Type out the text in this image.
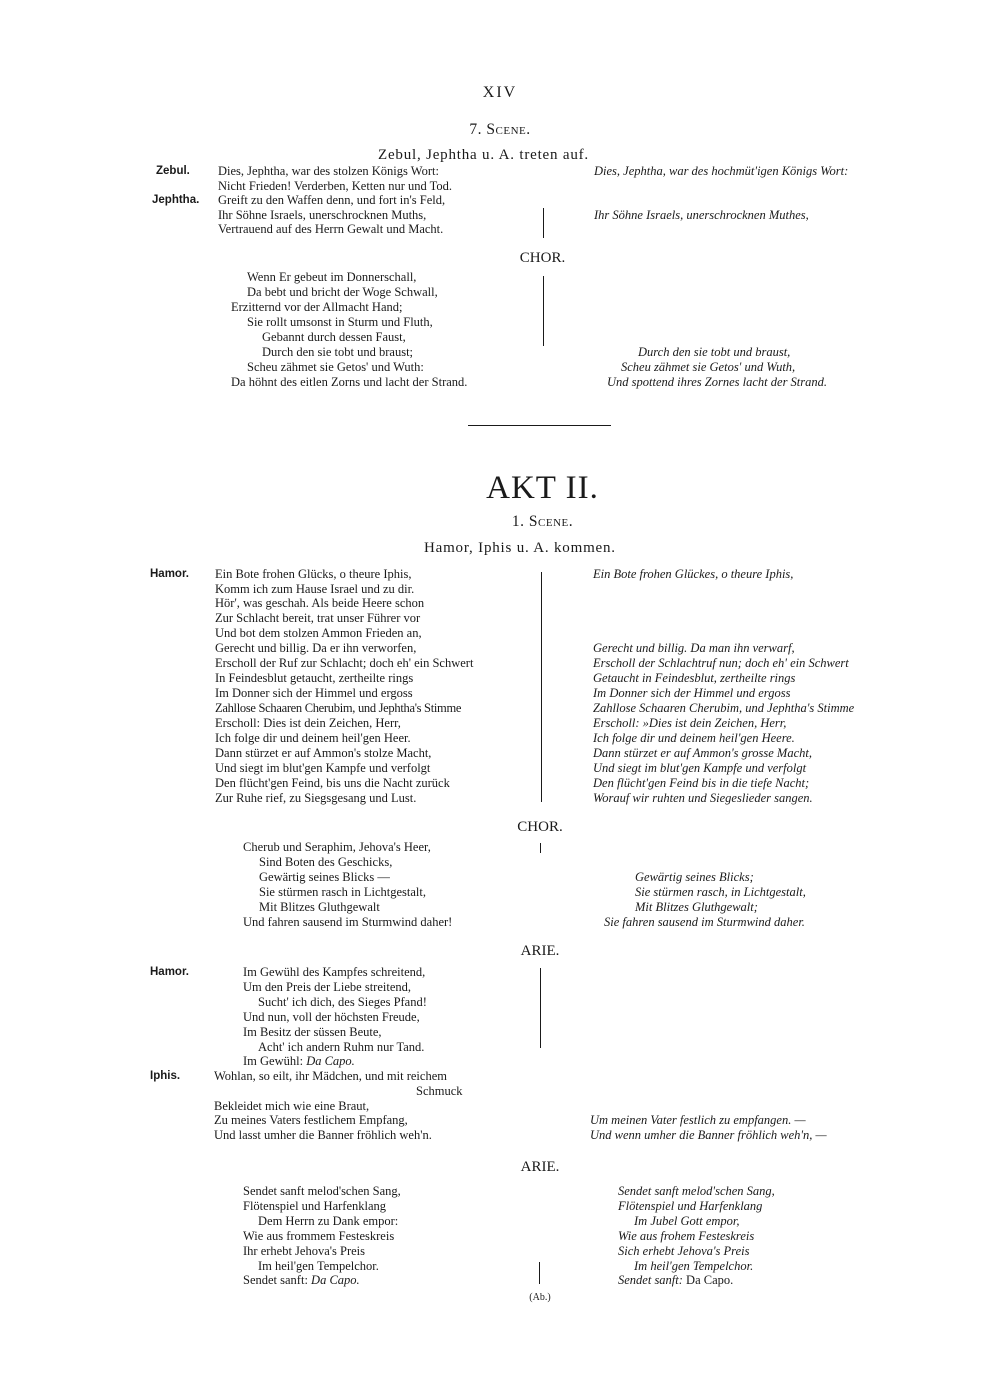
XIV
7. Scene.
Zebul, Jephtha u. A. treten auf.
Zebul. Dies, Jephtha, war des stolzen Königs Wort:	Dies, Jephtha, war des hochmüt'igen Königs Wort:
Nicht Frieden! Verderben, Ketten nur und Tod.
Jephtha. Greift zu den Waffen denn, und fort in's Feld,
Ihr Söhne Israels, unerschrocknen Muths,	Ihr Söhne Israels, unerschrocknen Muthes,
Vertrauend auf des Herrn Gewalt und Macht.
CHOR.
Wenn Er gebeut im Donnerschall,
Da bebt und bricht der Woge Schwall,
Erzitternd vor der Allmacht Hand;
Sie rollt umsonst in Sturm und Fluth,
Gebannt durch dessen Faust,
Durch den sie tobt und braust;	Durch den sie tobt und braust,
Scheu zähmet sie Getos' und Wuth:	Scheu zähmet sie Getos' und Wuth,
Da höhnt des eitlen Zorns und lacht der Strand.	Und spottend ihres Zornes lacht der Strand.
AKT II.
1. Scene.
Hamor, Iphis u. A. kommen.
Hamor. Ein Bote frohen Glücks, o theure Iphis,	Ein Bote frohen Glückes, o theure Iphis,
Komm ich zum Hause Israel und zu dir.
Hör', was geschah. Als beide Heere schon
Zur Schlacht bereit, trat unser Führer vor
Und bot dem stolzen Ammon Frieden an,
Gerecht und billig. Da er ihn verworfen,	Gerecht und billig. Da man ihn verwarf,
Erscholl der Ruf zur Schlacht; doch eh' ein Schwert	Erscholl der Schlachtruf nun; doch eh' ein Schwert
In Feindesblut getaucht, zertheilte rings	Getaucht in Feindesblut, zertheilte rings
Im Donner sich der Himmel und ergoss	Im Donner sich der Himmel und ergoss
Zahllose Schaaren Cherubim, und Jephtha's Stimme	Zahllose Schaaren Cherubim, und Jephtha's Stimme
Erscholl: Dies ist dein Zeichen, Herr,	Erscholl: »Dies ist dein Zeichen, Herr,
Ich folge dir und deinem heil'gen Heer.	Ich folge dir und deinem heil'gen Heere.
Dann stürzet er auf Ammon's stolze Macht,	Dann stürzet er auf Ammon's grosse Macht,
Und siegt im blut'gen Kampfe und verfolgt	Und siegt im blut'gen Kampfe und verfolgt
Den flücht'gen Feind, bis uns die Nacht zurück	Den flücht'gen Feind bis in die tiefe Nacht;
Zur Ruhe rief, zu Siegsgesang und Lust.	Worauf wir ruhten und Siegeslieder sangen.
CHOR.
Cherub und Seraphim, Jehova's Heer,
Sind Boten des Geschicks,
Gewärtig seines Blicks —	Gewärtig seines Blicks;
Sie stürmen rasch in Lichtgestalt,	Sie stürmen rasch, in Lichtgestalt,
Mit Blitzes Gluthgewalt	Mit Blitzes Gluthgewalt;
Und fahren sausend im Sturmwind daher!	Sie fahren sausend im Sturmwind daher.
ARIE.
Hamor.	Im Gewühl des Kampfes schreitend,
Um den Preis der Liebe streitend,
Sucht' ich dich, des Sieges Pfand!
Und nun, voll der höchsten Freude,
Im Besitz der süssen Beute,
Acht' ich andern Ruhm nur Tand.
Im Gewühl: Da Capo.
Iphis.	Wohlan, so eilt, ihr Mädchen, und mit reichem
Schmuck
Bekleidet mich wie eine Braut,
Zu meines Vaters festlichem Empfang,	Um meinen Vater festlich zu empfangen. —
Und lasst umher die Banner fröhlich weh'n.	Und wenn umher die Banner fröhlich weh'n, —
ARIE.
Sendet sanft melod'schen Sang,	Sendet sanft melod'schen Sang,
Flötenspiel und Harfenklang	Flötenspiel und Harfenklang
Dem Herrn zu Dank empor:	Im Jubel Gott empor,
Wie aus frommem Festeskreis	Wie aus frohem Festeskreis
Ihr erhebt Jehova's Preis	Sich erhebt Jehova's Preis
Im heil'gen Tempelchor.	Im heil'gen Tempelchor.
Sendet sanft: Da Capo.	Sendet sanft: Da Capo.
(Ab.)
